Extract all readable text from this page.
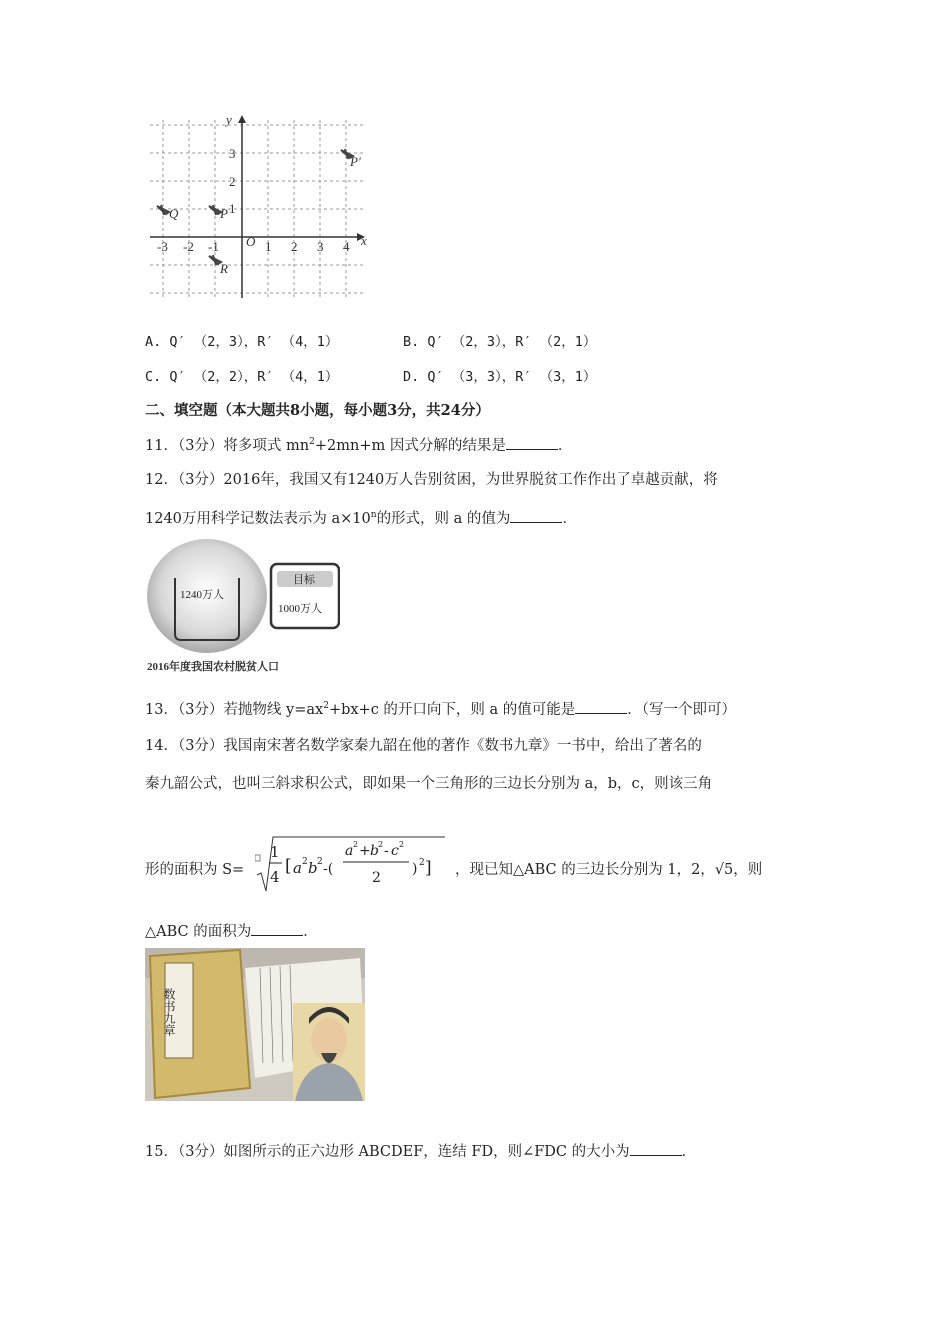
y
x
O
-3 -2 -1	1 2 3 4
3
2
1
Q	P
P′
R
A. Q′ （2，3），R′ （4，1）	B. Q′ （2，3），R′ （2，1）
C. Q′ （2，2），R′ （4，1）	D. Q′ （3，3），R′ （3，1）
二、填空题（本大题共8小题，每小题3分，共24分）
11．（3分）将多项式 $mn^2+2mn+m$ 因式分解的结果是	．
12．（3分）2016年，我国又有1240万人告别贫困，为世界脱贫工作作出了卓越贡献，将
1240万用科学记数法表示为 $a\times 10^n$的形式，则 a 的值为	．
1240万人
目标
1000万人
2016年度我国农村脱贫人口
13．（3分）若抛物线 $y=ax^2+bx+c$ 的开口向下，则 a 的值可能是	．（写一个即可）
14．（3分）我国南宋著名数学家秦九韶在他的著作《数书九章》一书中，给出了著名的
秦九韶公式，也叫三斜求积公式，即如果一个三角形的三边长分别为 a，b，c，则该三角
形的面积为 S=
1
4
[ a 2 b 2 -(
a 2 + b 2 - c 2
2
) 2 ] ，现已知△ABC 的三边长分别为 1，2，√5，则
△ABC 的面积为	．
数书九章
15．（3分）如图所示的正六边形 ABCDEF，连结 FD，则∠FDC 的大小为	．
